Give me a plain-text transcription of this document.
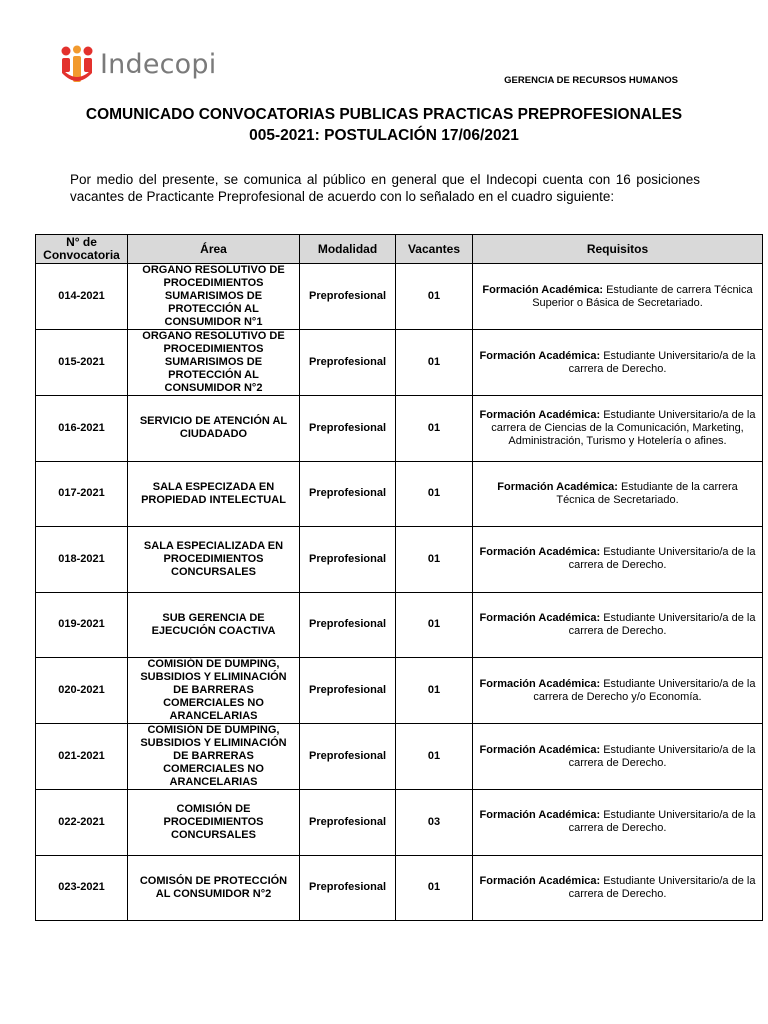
Indecopi
GERENCIA DE RECURSOS HUMANOS
COMUNICADO CONVOCATORIAS PUBLICAS PRACTICAS PREPROFESIONALES
005-2021: POSTULACIÓN 17/06/2021
Por medio del presente, se comunica al público en general que el Indecopi cuenta con 16 posiciones vacantes de Practicante Preprofesional de acuerdo con lo señalado en el cuadro siguiente:
N° de Convocatoria	Área	Modalidad	Vacantes	Requisitos
014-2021	ORGANO RESOLUTIVO DE PROCEDIMIENTOS SUMARISIMOS DE PROTECCIÓN AL CONSUMIDOR N°1	Preprofesional	01	Formación Académica: Estudiante de carrera Técnica Superior o Básica de Secretariado.
015-2021	ORGANO RESOLUTIVO DE PROCEDIMIENTOS SUMARISIMOS DE PROTECCIÓN AL CONSUMIDOR N°2	Preprofesional	01	Formación Académica: Estudiante Universitario/a de la carrera de Derecho.
016-2021	SERVICIO DE ATENCIÓN AL CIUDADADO	Preprofesional	01	Formación Académica: Estudiante Universitario/a de la carrera de Ciencias de la Comunicación, Marketing, Administración, Turismo y Hotelería o afines.
017-2021	SALA ESPECIZADA EN PROPIEDAD INTELECTUAL	Preprofesional	01	Formación Académica: Estudiante de la carrera Técnica de Secretariado.
018-2021	SALA ESPECIALIZADA EN PROCEDIMIENTOS CONCURSALES	Preprofesional	01	Formación Académica: Estudiante Universitario/a de la carrera de Derecho.
019-2021	SUB GERENCIA DE EJECUCIÓN COACTIVA	Preprofesional	01	Formación Académica: Estudiante Universitario/a de la carrera de Derecho.
020-2021	COMISIÓN DE DUMPING, SUBSIDIOS Y ELIMINACIÓN DE BARRERAS COMERCIALES NO ARANCELARIAS	Preprofesional	01	Formación Académica: Estudiante Universitario/a de la carrera de Derecho y/o Economía.
021-2021	COMISIÓN DE DUMPING, SUBSIDIOS Y ELIMINACIÓN DE BARRERAS COMERCIALES NO ARANCELARIAS	Preprofesional	01	Formación Académica: Estudiante Universitario/a de la carrera de Derecho.
022-2021	COMISIÓN DE PROCEDIMIENTOS CONCURSALES	Preprofesional	03	Formación Académica: Estudiante Universitario/a de la carrera de Derecho.
023-2021	COMISÓN DE PROTECCIÓN AL CONSUMIDOR N°2	Preprofesional	01	Formación Académica: Estudiante Universitario/a de la carrera de Derecho.
